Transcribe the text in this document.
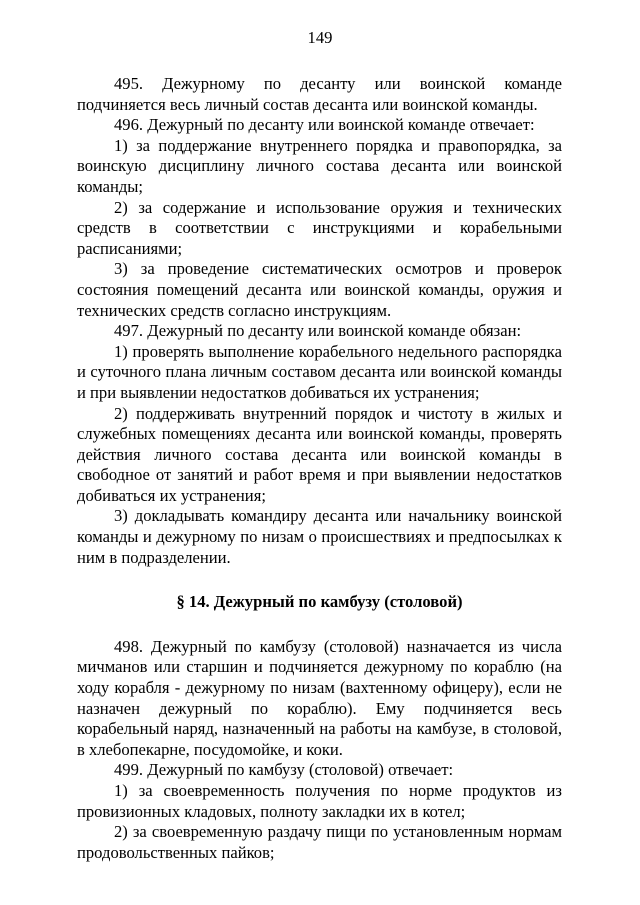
149

495. Дежурному по десанту или воинской команде подчиняется весь личный состав десанта или воинской команды.

496. Дежурный по десанту или воинской команде отвечает:

1) за поддержание внутреннего порядка и правопорядка, за воинскую дисциплину личного состава десанта или воинской команды;

2) за содержание и использование оружия и технических средств в соответствии с инструкциями и корабельными расписаниями;

3) за проведение систематических осмотров и проверок состояния помещений десанта или воинской команды, оружия и технических средств согласно инструкциям.

497. Дежурный по десанту или воинской команде обязан:

1) проверять выполнение корабельного недельного распорядка и суточного плана личным составом десанта или воинской команды и при выявлении недостатков добиваться их устранения;

2) поддерживать внутренний порядок и чистоту в жилых и служебных помещениях десанта или воинской команды, проверять действия личного состава десанта или воинской команды в свободное от занятий и работ время и при выявлении недостатков добиваться их устранения;

3) докладывать командиру десанта или начальнику воинской команды и дежурному по низам о происшествиях и предпосылках к ним в подразделении.

§ 14. Дежурный по камбузу (столовой)

498. Дежурный по камбузу (столовой) назначается из числа мичманов или старшин и подчиняется дежурному по кораблю (на ходу корабля - дежурному по низам (вахтенному офицеру), если не назначен дежурный по кораблю). Ему подчиняется весь корабельный наряд, назначенный на работы на камбузе, в столовой, в хлебопекарне, посудомойке, и коки.

499. Дежурный по камбузу (столовой) отвечает:

1) за своевременность получения по норме продуктов из провизионных кладовых, полноту закладки их в котел;

2) за своевременную раздачу пищи по установленным нормам продовольственных пайков;
